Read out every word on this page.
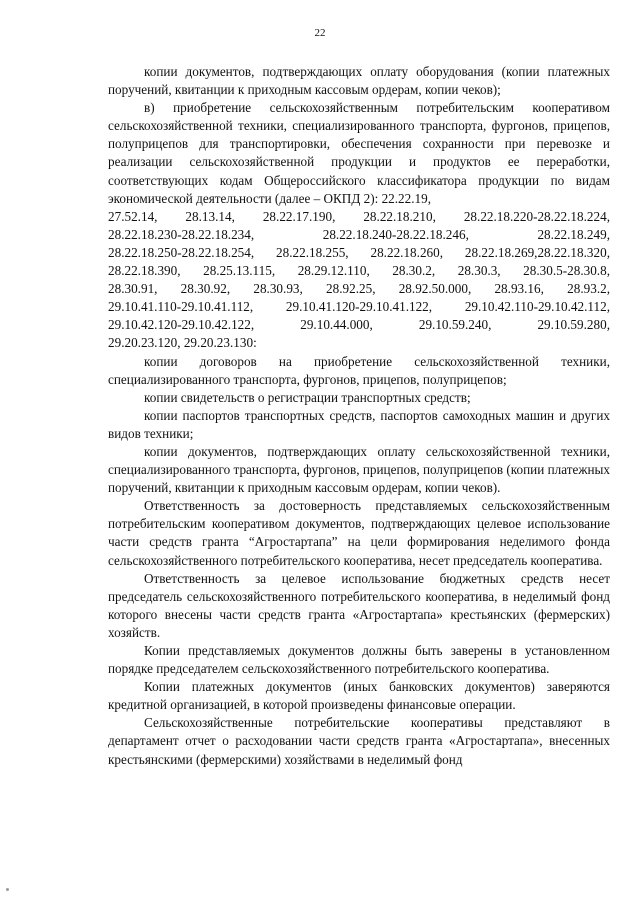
22

копии документов, подтверждающих оплату оборудования (копии платежных поручений, квитанции к приходным кассовым ордерам, копии чеков);

в) приобретение сельскохозяйственным потребительским кооперативом сельскохозяйственной техники, специализированного транспорта, фургонов, прицепов, полуприцепов для транспортировки, обеспечения сохранности при перевозке и реализации сельскохозяйственной продукции и продуктов ее переработки, соответствующих кодам Общероссийского классификатора продукции по видам экономической деятельности (далее – ОКПД 2): 22.22.19,

27.52.14, 28.13.14, 28.22.17.190, 28.22.18.210, 28.22.18.220-28.22.18.224,

28.22.18.230-28.22.18.234, 28.22.18.240-28.22.18.246, 28.22.18.249,

28.22.18.250-28.22.18.254, 28.22.18.255, 28.22.18.260, 28.22.18.269,28.22.18.320,

28.22.18.390, 28.25.13.115, 28.29.12.110, 28.30.2, 28.30.3, 28.30.5-28.30.8,

28.30.91, 28.30.92, 28.30.93, 28.92.25, 28.92.50.000, 28.93.16, 28.93.2,

29.10.41.110-29.10.41.112, 29.10.41.120-29.10.41.122, 29.10.42.110-29.10.42.112,

29.10.42.120-29.10.42.122, 29.10.44.000, 29.10.59.240, 29.10.59.280,

29.20.23.120, 29.20.23.130:

копии договоров на приобретение сельскохозяйственной техники, специализированного транспорта, фургонов, прицепов, полуприцепов;

копии свидетельств о регистрации транспортных средств;

копии паспортов транспортных средств, паспортов самоходных машин и других видов техники;

копии документов, подтверждающих оплату сельскохозяйственной техники, специализированного транспорта, фургонов, прицепов, полуприцепов (копии платежных поручений, квитанции к приходным кассовым ордерам, копии чеков).

Ответственность за достоверность представляемых сельскохозяйственным потребительским кооперативом документов, подтверждающих целевое использование части средств гранта “Агростартапа” на цели формирования неделимого фонда сельскохозяйственного потребительского кооператива, несет председатель кооператива.

Ответственность за целевое использование бюджетных средств несет председатель сельскохозяйственного потребительского кооператива, в неделимый фонд которого внесены части средств гранта «Агростартапа» крестьянских (фермерских) хозяйств.

Копии представляемых документов должны быть заверены в установленном порядке председателем сельскохозяйственного потребительского кооператива.

Копии платежных документов (иных банковских документов) заверяются кредитной организацией, в которой произведены финансовые операции.

Сельскохозяйственные потребительские кооперативы представляют в департамент отчет о расходовании части средств гранта «Агростартапа», внесенных крестьянскими (фермерскими) хозяйствами в неделимый фонд
